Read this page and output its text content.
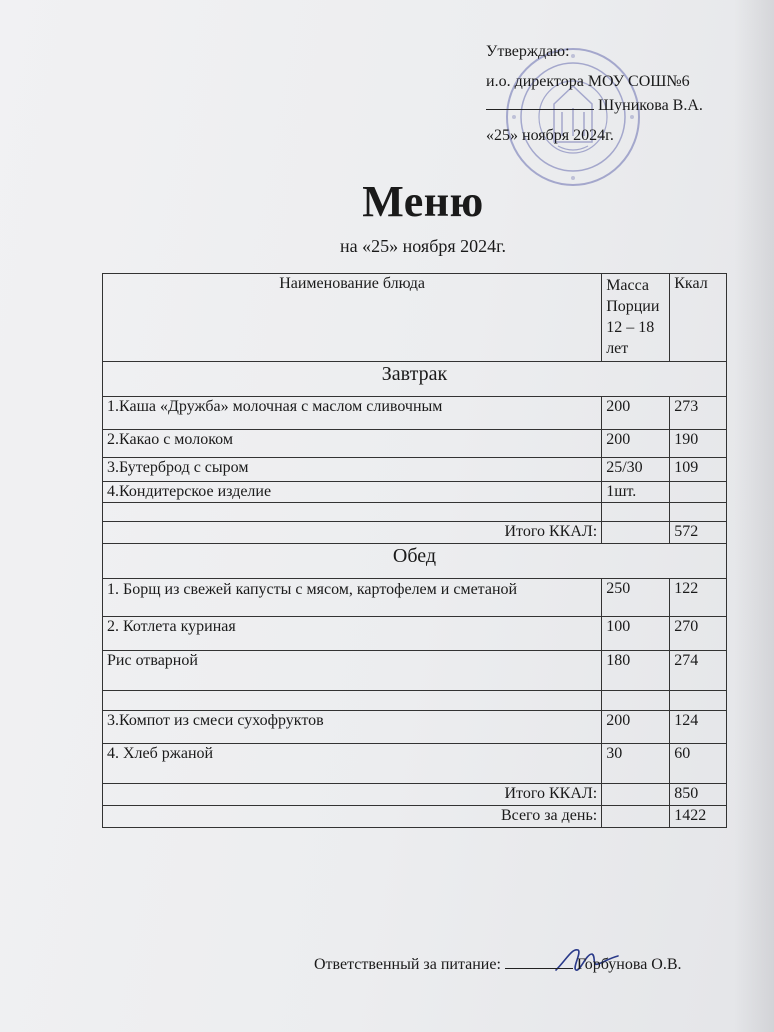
Утверждаю:
и.о. директора МОУ СОШ№6
Шуникова В.А.
«25» ноября 2024г.
Меню
на «25» ноября 2024г.
Наименование блюда	Масса Порции 12 – 18 лет	Ккал
Завтрак		
1.Каша «Дружба» молочная с маслом сливочным	200	273
2.Какао с молоком	200	190
3.Бутерброд с сыром	25/30	109
4.Кондитерское изделие	1шт.	

Итого ККАЛ:		572
Обед		
1. Борщ из свежей капусты с мясом, картофелем и сметаной	250	122
2. Котлета куриная	100	270
Рис отварной	180	274

3.Компот из смеси сухофруктов	200	124
4. Хлеб ржаной	30	60
Итого ККАЛ:		850
Всего за день:		1422
Ответственный за питание:	Горбунова О.В.
